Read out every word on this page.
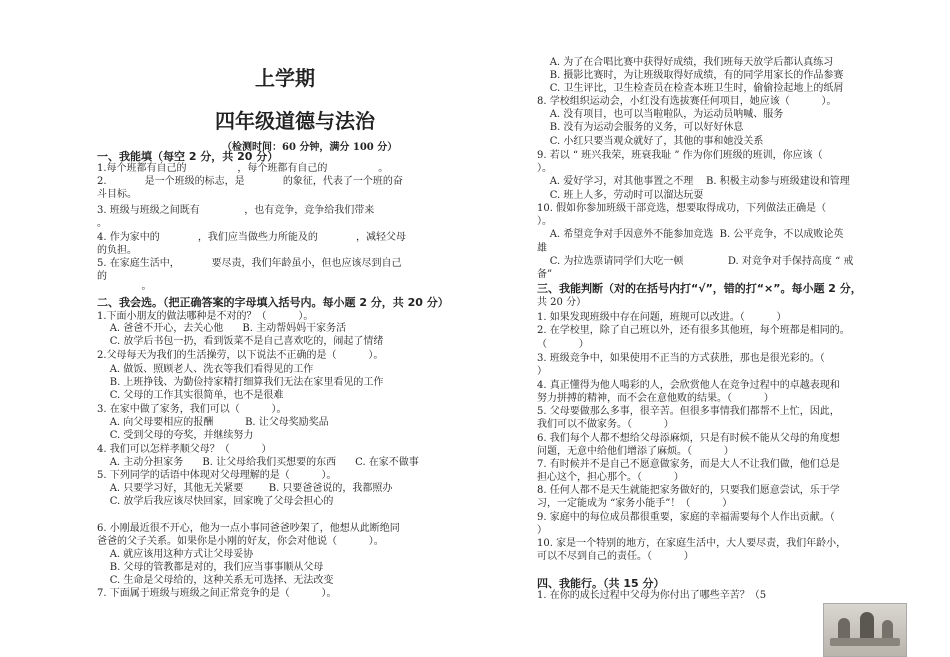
上学期
四年级道德与法治
（检测时间：60 分钟，满分 100 分）
一、我能填（每空 2 分，共 20 分）
1.每个班都有自己的                ，每个班都有自己的                。
2.            是一个班级的标志，是            的象征，代表了一个班的奋
斗目标。
3. 班级与班级之间既有              ，也有竞争，竞争给我们带来
。
4. 作为家中的            ，我们应当做些力所能及的            ，减轻父母
的负担。
5. 在家庭生活中，          要尽责，我们年龄虽小，但也应该尽到自己
的
。
二、我会选。（把正确答案的字母填入括号内。每小题 2 分，共 20 分）
1.下面小朋友的做法哪种是不对的？（          ）。
A. 爸爸不开心，去关心他      B. 主动帮妈妈干家务活
C. 放学后书包一扔，看到饭菜不是自己喜欢吃的，闹起了情绪
2.父母每天为我们的生活操劳，以下说法不正确的是（          ）。
A. 做饭、照顾老人、洗衣等我们看得见的工作
B. 上班挣钱、为勤俭持家精打细算我们无法在家里看见的工作
C. 父母的工作其实很简单，也不是很难
3. 在家中做了家务，我们可以（          ）。
A. 向父母要相应的报酬          B. 让父母奖励奖品
C. 受到父母的夸奖，并继续努力
4. 我们可以怎样孝顺父母？（          ）
A. 主动分担家务      B. 让父母给我们买想要的东西      C. 在家不做事
5. 下列同学的话语中体现对父母理解的是（          ）。
A. 只要学习好，其他无关紧要        B. 只要爸爸说的，我都照办
C. 放学后我应该尽快回家，回家晚了父母会担心的
6. 小刚最近很不开心，他为一点小事同爸爸吵架了，他想从此断绝同
爸爸的父子关系。如果你是小刚的好友，你会对他说（          ）。
A. 就应该用这种方式让父母妥协
B. 父母的管教都是对的，我们应当事事顺从父母
C. 生命是父母给的，这种关系无可选择、无法改变
7. 下面属于班级与班级之间正常竞争的是（          ）。
A. 为了在合唱比赛中获得好成绩，我们班每天放学后都认真练习
B. 摄影比赛时，为让班级取得好成绩，有的同学用家长的作品参赛
C. 卫生评比，卫生检查员在检查本班卫生时，偷偷捡起地上的纸屑
8. 学校组织运动会，小红没有选拔赛任何项目，她应该（          ）。
A. 没有项目，也可以当啦啦队，为运动员呐喊、服务
B. 没有为运动会服务的义务，可以好好休息
C. 小红只要当观众就好了，其他的事和她没关系
9. 若以 “ 班兴我荣，班衰我耻 ” 作为你们班级的班训，你应该（
）。
A. 爱好学习，对其他事置之不理    B. 积极主动参与班级建设和管理
C. 班上人多，劳动时可以溜达玩耍
10. 假如你参加班级干部竞选，想要取得成功，下列做法正确是（
）。
A. 希望竞争对手因意外不能参加竞选  B. 公平竞争，不以成败论英
雄
C. 为拉选票请同学们大吃一顿              D. 对竞争对手保持高度 “ 戒
备”
三、我能判断（对的在括号内打“√”，错的打“×”。每小题 2 分，
共 20 分）
1. 如果发现班级中存在问题，班规可以改进。（          ）
2. 在学校里，除了自己班以外，还有很多其他班，每个班都是相同的。
（          ）
3. 班级竞争中，如果使用不正当的方式获胜，那也是很光彩的。（
）
4. 真正懂得为他人喝彩的人，会欣赏他人在竞争过程中的卓越表现和
努力拼搏的精神，而不会在意他败的结果。（          ）
5. 父母要做那么多事，很辛苦。但很多事情我们都帮不上忙，因此，
我们可以不做家务。（          ）
6. 我们每个人都不想给父母添麻烦，只是有时候不能从父母的角度想
问题，无意中给他们增添了麻烦。（          ）
7. 有时候并不是自己不愿意做家务，而是大人不让我们做，他们总是
担心这个，担心那个。（          ）
8. 任何人都不是天生就能把家务做好的，只要我们愿意尝试，乐于学
习，一定能成为 “家务小能手”！（          ）
9. 家庭中的每位成员都很重要，家庭的幸福需要每个人作出贡献。（
）
10. 家是一个特别的地方，在家庭生活中，大人要尽责，我们年龄小，
可以不尽到自己的责任。（          ）
四、我能行。（共 15 分）
1. 在你的成长过程中父母为你付出了哪些辛苦？（5
